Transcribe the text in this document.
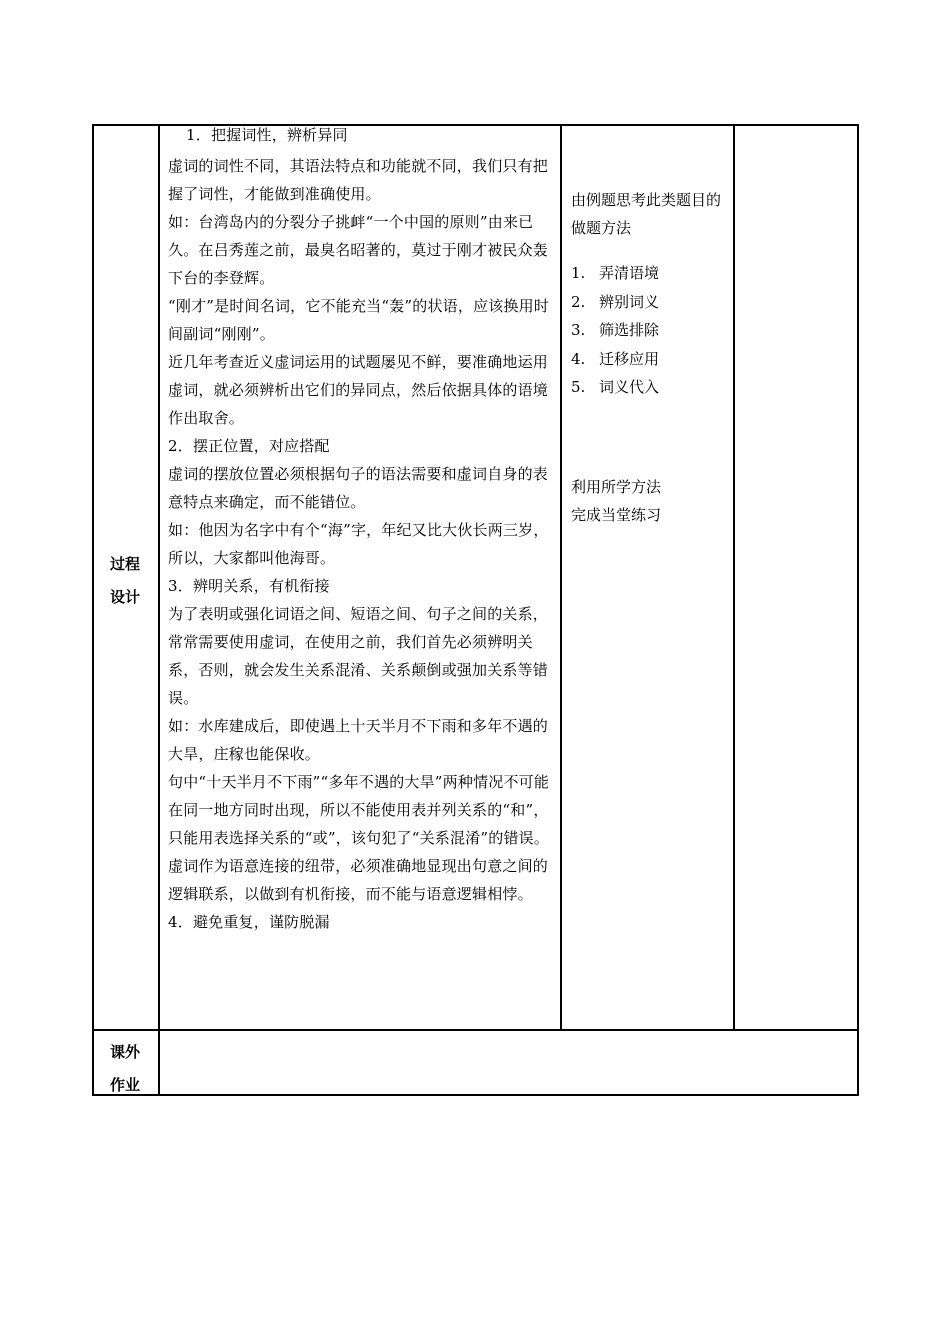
过程
设计

1．把握词性，辨析异同

虚词的词性不同，其语法特点和功能就不同，我们只有把握了词性，才能做到准确使用。

如：台湾岛内的分裂分子挑衅“一个中国的原则”由来已久。在吕秀莲之前，最臭名昭著的，莫过于刚才被民众轰下台的李登辉。

“刚才”是时间名词，它不能充当“轰”的状语，应该换用时间副词“刚刚”。

近几年考查近义虚词运用的试题屡见不鲜，要准确地运用虚词，就必须辨析出它们的异同点，然后依据具体的语境作出取舍。

2．摆正位置，对应搭配

虚词的摆放位置必须根据句子的语法需要和虚词自身的表意特点来确定，而不能错位。

如：他因为名字中有个“海”字，年纪又比大伙长两三岁，所以，大家都叫他海哥。

3．辨明关系，有机衔接

为了表明或强化词语之间、短语之间、句子之间的关系，常常需要使用虚词，在使用之前，我们首先必须辨明关系，否则，就会发生关系混淆、关系颠倒或强加关系等错误。

如：水库建成后，即使遇上十天半月不下雨和多年不遇的大旱，庄稼也能保收。

句中“十天半月不下雨”“多年不遇的大旱”两种情况不可能在同一地方同时出现，所以不能使用表并列关系的“和”，只能用表选择关系的“或”，该句犯了“关系混淆”的错误。

虚词作为语意连接的纽带，必须准确地显现出句意之间的逻辑联系，以做到有机衔接，而不能与语意逻辑相悖。

4．避免重复，谨防脱漏

由例题思考此类题目的做题方法

1. 弄清语境
2. 辨别词义
3. 筛选排除
4. 迁移应用
5. 词义代入

利用所学方法

完成当堂练习

课外
作业
